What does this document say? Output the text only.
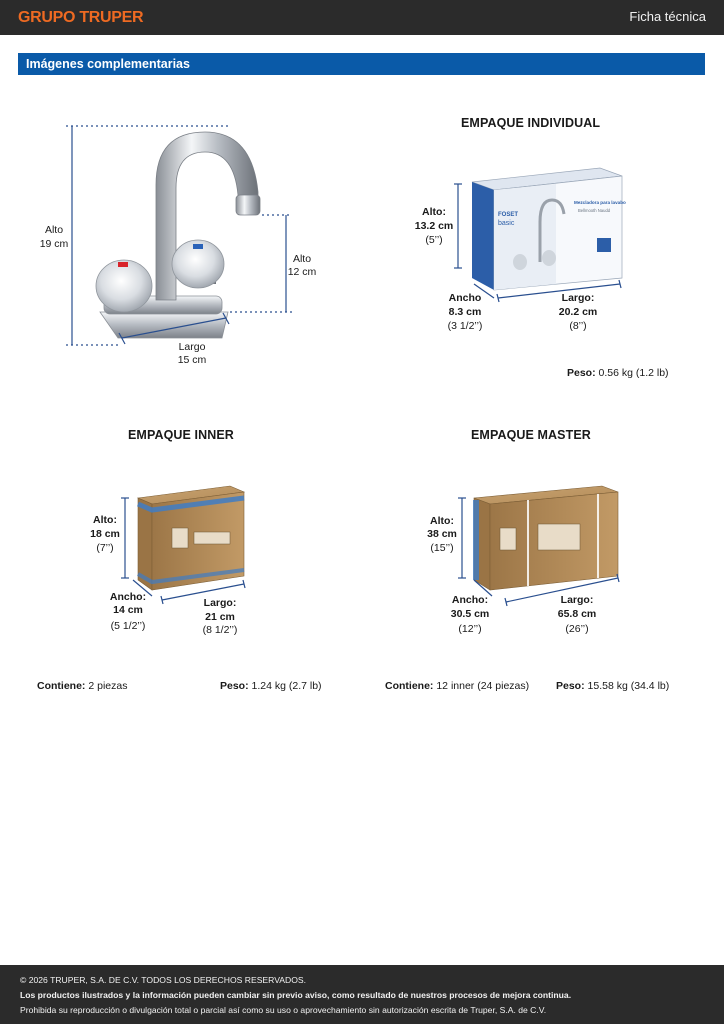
GRUPO TRUPER	Ficha técnica
Imágenes complementarias
FOSET
basic
Mezcladora para lavabo
Bellmooth Naudd
Alto
19 cm
Alto
12 cm
Largo
15 cm
EMPAQUE INDIVIDUAL
Alto:
13.2 cm
(5’’)
Ancho
8.3 cm
(3 1/2’’)
Largo:
20.2 cm
(8’’)
Peso: 0.56 kg (1.2 lb)
EMPAQUE INNER
Alto:
18 cm
(7’’)
Ancho:
14 cm
(5 1/2’’)
Largo:
21 cm
(8 1/2’’)
Contiene: 2 piezas	Peso: 1.24 kg (2.7 lb)
EMPAQUE MASTER
Alto:
38 cm
(15’’)
Ancho:
30.5 cm
(12’’)
Largo:
65.8 cm
(26’’)
Contiene: 12 inner (24 piezas)	Peso: 15.58 kg (34.4 lb)
© 2026 TRUPER, S.A. DE C.V. TODOS LOS DERECHOS RESERVADOS.
Los productos ilustrados y la información pueden cambiar sin previo aviso, como resultado de nuestros procesos de mejora continua.
Prohibida su reproducción o divulgación total o parcial así como su uso o aprovechamiento sin autorización escrita de Truper, S.A. de C.V.
